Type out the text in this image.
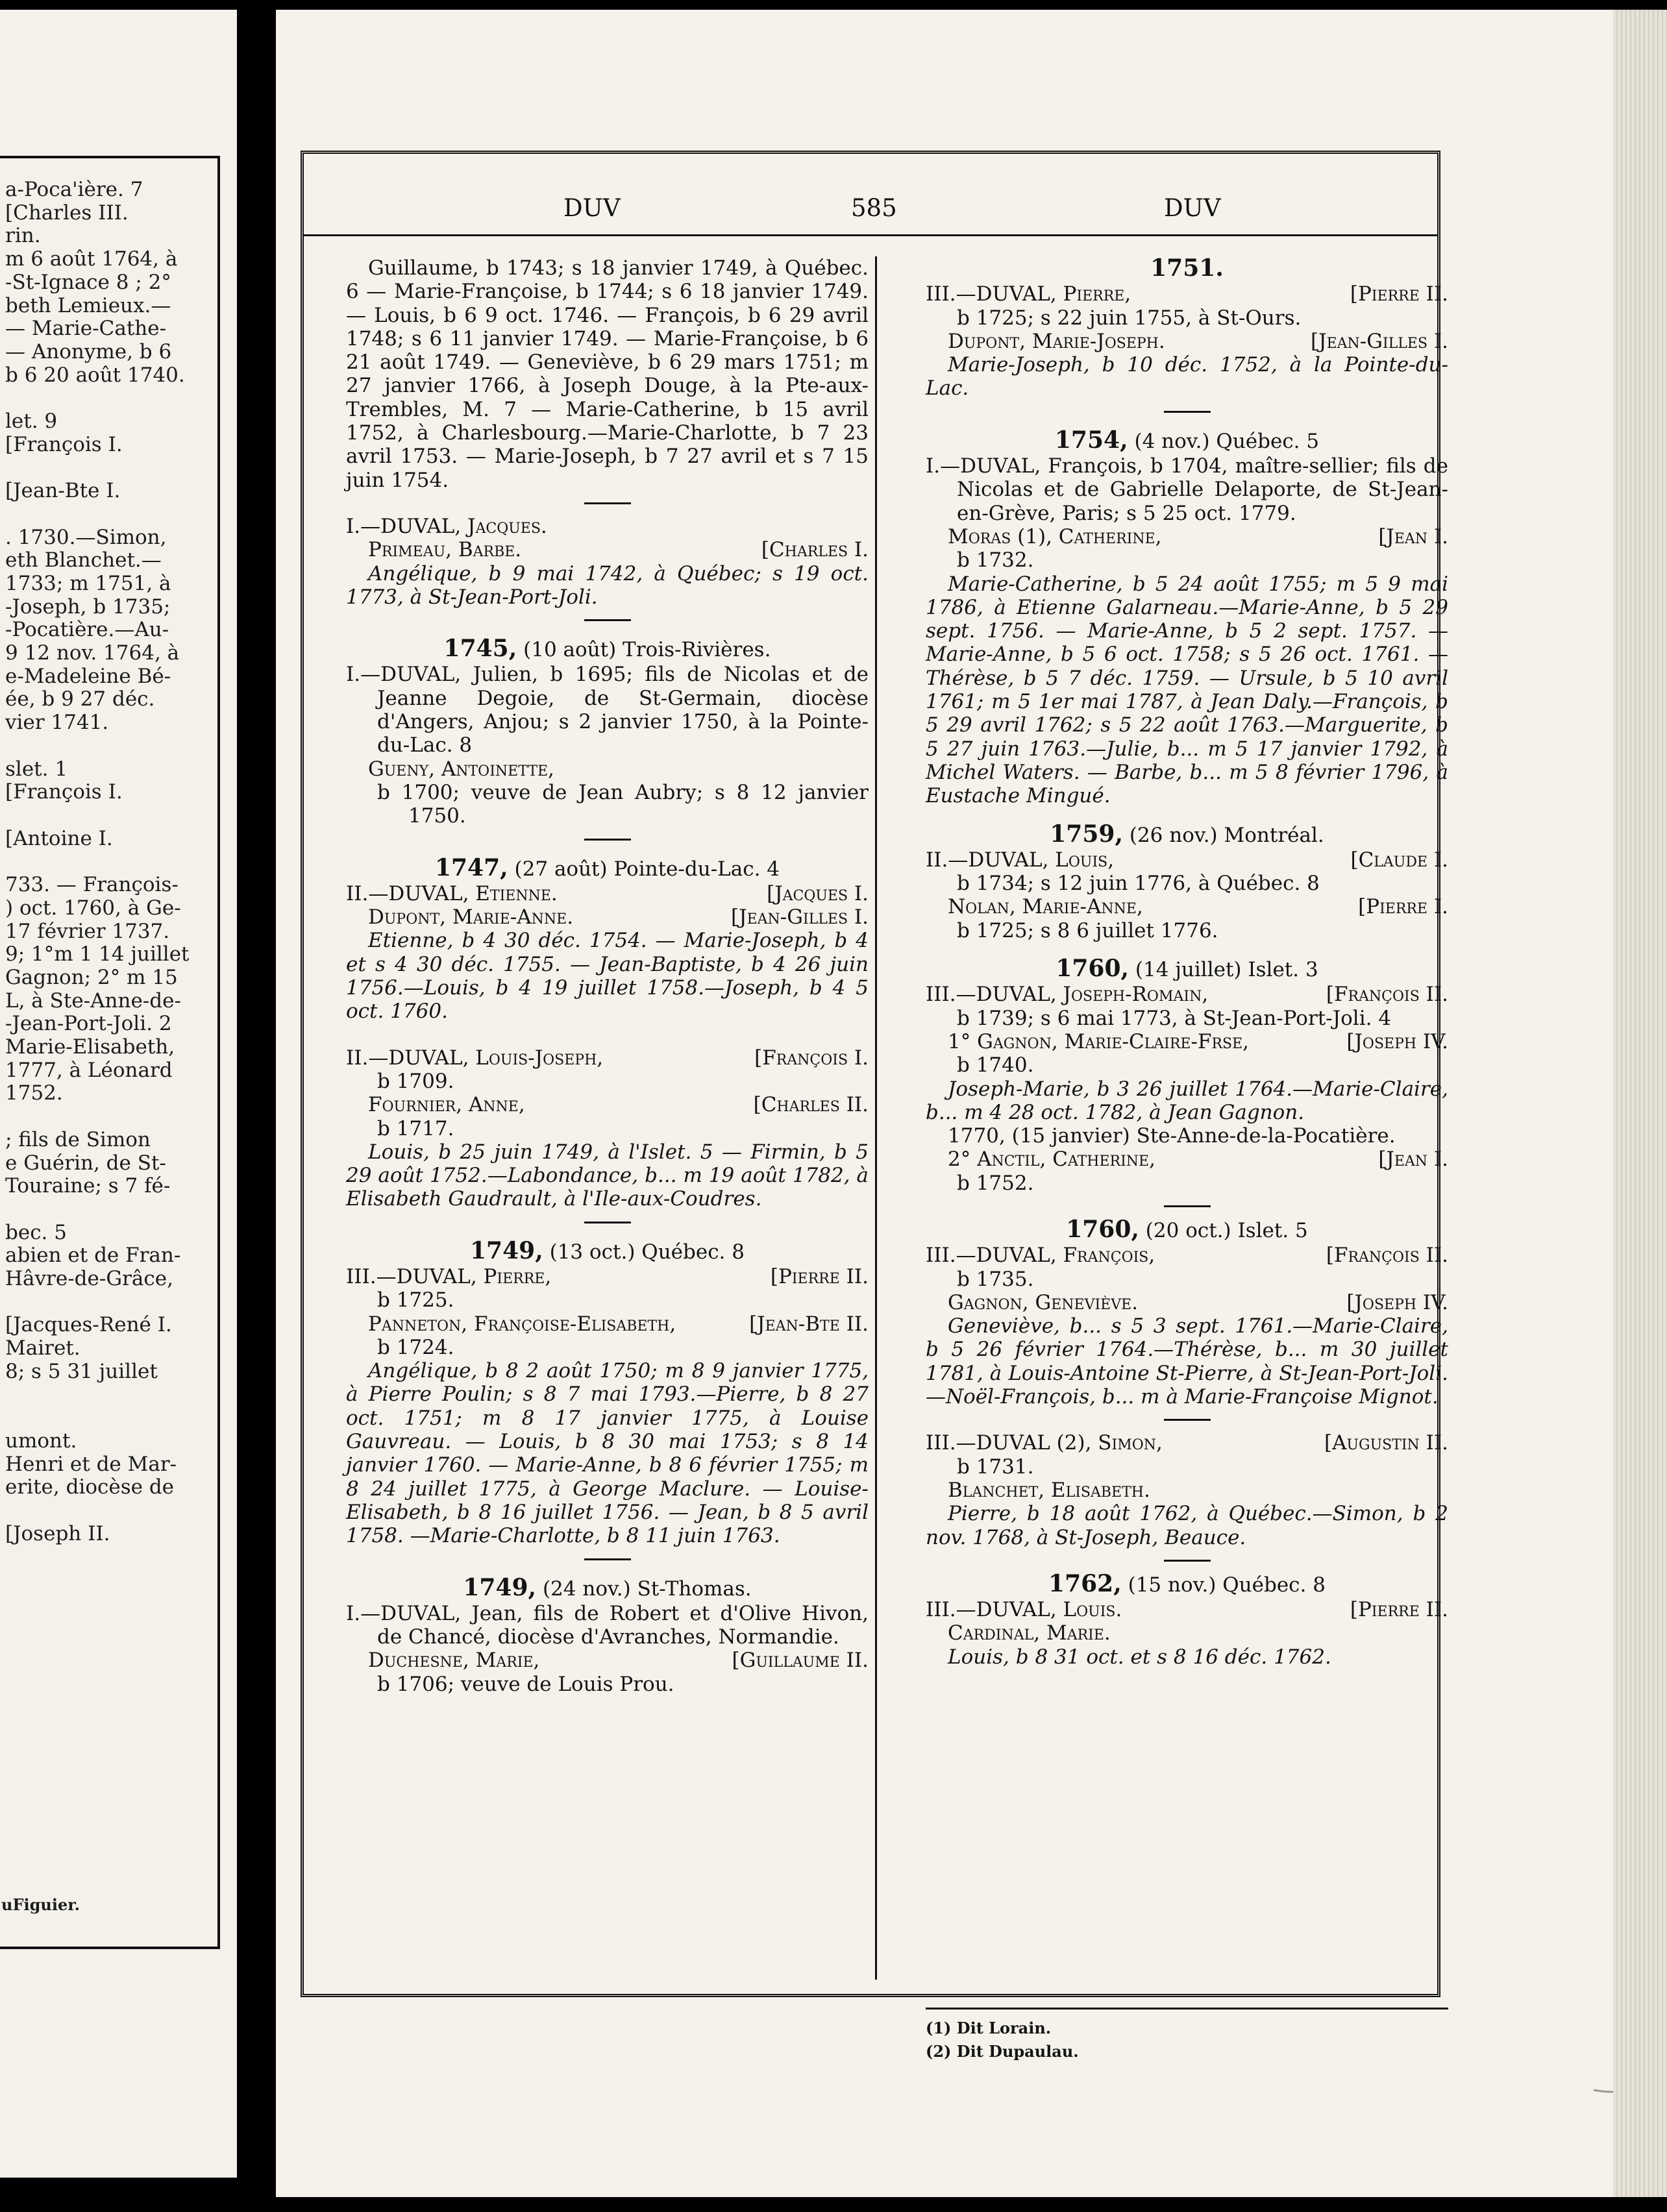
a-Poca'ière. 7
[Charles III.
rin.
m 6 août 1764, à
-St-Ignace 8 ; 2°
beth Lemieux.—
— Marie-Cathe-
— Anonyme, b 6
b 6 20 août 1740.

let. 9
[François I.

[Jean-Bte I.

. 1730.—Simon,
eth Blanchet.—
1733; m 1751, à
-Joseph, b 1735;
-Pocatière.—Au-
9 12 nov. 1764, à
e-Madeleine Bé-
ée, b 9 27 déc.
vier 1741.

slet. 1
[François I.

[Antoine I.

733. — François-
) oct. 1760, à Ge-
17 février 1737.
9; 1°m 1 14 juillet
Gagnon; 2° m 15
L, à Ste-Anne-de-
-Jean-Port-Joli. 2
Marie-Elisabeth,
1777, à Léonard
1752.

; fils de Simon
e Guérin, de St-
Touraine; s 7 fé-

bec. 5
abien et de Fran-
Hâvre-de-Grâce,

[Jacques-René I.
Mairet.
8; s 5 31 juillet

umont.
Henri et de Mar-
erite, diocèse de

[Joseph II.
uFiguier.
DUV	585	DUV

Guillaume, b 1743; s 18 janvier 1749, à Québec. 6 — Marie-Françoise, b 1744; s 6 18 janvier 1749. — Louis, b 6 9 oct. 1746. — François, b 6 29 avril 1748; s 6 11 janvier 1749. — Marie-Françoise, b 6 21 août 1749. — Geneviève, b 6 29 mars 1751; m 27 janvier 1766, à Joseph Douge, à la Pte-aux-Trembles, M. 7 — Marie-Catherine, b 15 avril 1752, à Charlesbourg.—Marie-Charlotte, b 7 23 avril 1753. — Marie-Joseph, b 7 27 avril et s 7 15 juin 1754.

I.—DUVAL, Jacques.

Primeau, Barbe.	[Charles I.

Angélique, b 9 mai 1742, à Québec; s 19 oct. 1773, à St-Jean-Port-Joli.

1745, (10 août) Trois-Rivières.

I.—DUVAL, Julien, b 1695; fils de Nicolas et de Jeanne Degoie, de St-Germain, diocèse d'Angers, Anjou; s 2 janvier 1750, à la Pointe-du-Lac. 8

Gueny, Antoinette,

b 1700; veuve de Jean Aubry; s 8 12 janvier 1750.

1747, (27 août) Pointe-du-Lac. 4
II.—DUVAL, Etienne.	[Jacques I.
Dupont, Marie-Anne.	[Jean-Gilles I.

Etienne, b 4 30 déc. 1754. — Marie-Joseph, b 4 et s 4 30 déc. 1755. — Jean-Baptiste, b 4 26 juin 1756.—Louis, b 4 19 juillet 1758.—Joseph, b 4 5 oct. 1760.

II.—DUVAL, Louis-Joseph,	[François I.

b 1709.

Fournier, Anne,	[Charles II.

b 1717.

Louis, b 25 juin 1749, à l'Islet. 5 — Firmin, b 5 29 août 1752.—Labondance, b... m 19 août 1782, à Elisabeth Gaudrault, à l'Ile-aux-Coudres.

1749, (13 oct.) Québec. 8
III.—DUVAL, Pierre,	[Pierre II.

b 1725.

Panneton, Françoise-Elisabeth,	[Jean-Bte II.

b 1724.

Angélique, b 8 2 août 1750; m 8 9 janvier 1775, à Pierre Poulin; s 8 7 mai 1793.—Pierre, b 8 27 oct. 1751; m 8 17 janvier 1775, à Louise Gauvreau. — Louis, b 8 30 mai 1753; s 8 14 janvier 1760. — Marie-Anne, b 8 6 février 1755; m 8 24 juillet 1775, à George Maclure. — Louise-Elisabeth, b 8 16 juillet 1756. — Jean, b 8 5 avril 1758. —Marie-Charlotte, b 8 11 juin 1763.

1749, (24 nov.) St-Thomas.

I.—DUVAL, Jean, fils de Robert et d'Olive Hivon, de Chancé, diocèse d'Avranches, Normandie.

Duchesne, Marie,	[Guillaume II.

b 1706; veuve de Louis Prou.

1751.
III.—DUVAL, Pierre,	[Pierre II.

b 1725; s 22 juin 1755, à St-Ours.

Dupont, Marie-Joseph.	[Jean-Gilles I.

Marie-Joseph, b 10 déc. 1752, à la Pointe-du-Lac.

1754, (4 nov.) Québec. 5

I.—DUVAL, François, b 1704, maître-sellier; fils de Nicolas et de Gabrielle Delaporte, de St-Jean-en-Grève, Paris; s 5 25 oct. 1779.

Moras (1), Catherine,	[Jean I.

b 1732.

Marie-Catherine, b 5 24 août 1755; m 5 9 mai 1786, à Etienne Galarneau.—Marie-Anne, b 5 29 sept. 1756. — Marie-Anne, b 5 2 sept. 1757. — Marie-Anne, b 5 6 oct. 1758; s 5 26 oct. 1761. — Thérèse, b 5 7 déc. 1759. — Ursule, b 5 10 avril 1761; m 5 1er mai 1787, à Jean Daly.—François, b 5 29 avril 1762; s 5 22 août 1763.—Marguerite, b 5 27 juin 1763.—Julie, b... m 5 17 janvier 1792, à Michel Waters. — Barbe, b... m 5 8 février 1796, à Eustache Mingué.

1759, (26 nov.) Montréal.
II.—DUVAL, Louis,	[Claude I.

b 1734; s 12 juin 1776, à Québec. 8

Nolan, Marie-Anne,	[Pierre I.

b 1725; s 8 6 juillet 1776.

1760, (14 juillet) Islet. 3
III.—DUVAL, Joseph-Romain,	[François II.

b 1739; s 6 mai 1773, à St-Jean-Port-Joli. 4

1° Gagnon, Marie-Claire-Frse,	[Joseph IV.

b 1740.

Joseph-Marie, b 3 26 juillet 1764.—Marie-Claire, b... m 4 28 oct. 1782, à Jean Gagnon.

1770, (15 janvier) Ste-Anne-de-la-Pocatière.

2° Anctil, Catherine,	[Jean I.

b 1752.

1760, (20 oct.) Islet. 5
III.—DUVAL, François,	[François II.

b 1735.

Gagnon, Geneviève.	[Joseph IV.

Geneviève, b... s 5 3 sept. 1761.—Marie-Claire, b 5 26 février 1764.—Thérèse, b... m 30 juillet 1781, à Louis-Antoine St-Pierre, à St-Jean-Port-Joli.—Noël-François, b... m à Marie-Françoise Mignot.

III.—DUVAL (2), Simon,	[Augustin II.

b 1731.

Blanchet, Elisabeth.

Pierre, b 18 août 1762, à Québec.—Simon, b 2 nov. 1768, à St-Joseph, Beauce.

1762, (15 nov.) Québec. 8
III.—DUVAL, Louis.	[Pierre II.

Cardinal, Marie.

Louis, b 8 31 oct. et s 8 16 déc. 1762.

(1) Dit Lorain.
(2) Dit Dupaulau.
